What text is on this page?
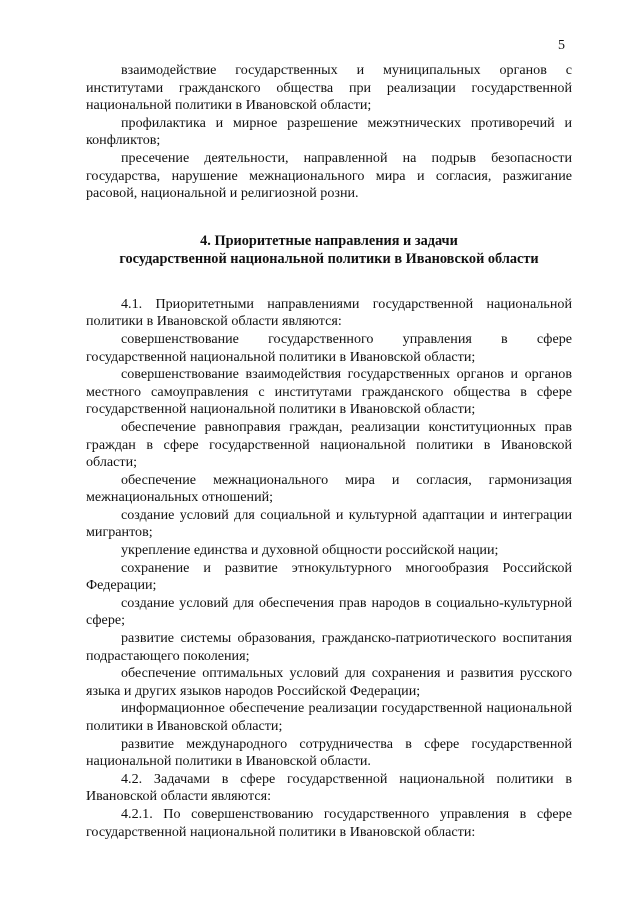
5

взаимодействие государственных и муниципальных органов с институтами гражданского общества при реализации государственной национальной политики в Ивановской области;

профилактика и мирное разрешение межэтнических противоречий и конфликтов;

пресечение деятельности, направленной на подрыв безопасности государства, нарушение межнационального мира и согласия, разжигание расовой, национальной и религиозной розни.

4. Приоритетные направления и задачи
государственной национальной политики в Ивановской области

4.1. Приоритетными направлениями государственной национальной политики в Ивановской области являются:

совершенствование государственного управления в сфере государственной национальной политики в Ивановской области;

совершенствование взаимодействия государственных органов и органов местного самоуправления с институтами гражданского общества в сфере государственной национальной политики в Ивановской области;

обеспечение равноправия граждан, реализации конституционных прав граждан в сфере государственной национальной политики в Ивановской области;

обеспечение межнационального мира и согласия, гармонизация межнациональных отношений;

создание условий для социальной и культурной адаптации и интеграции мигрантов;

укрепление единства и духовной общности российской нации;

сохранение и развитие этнокультурного многообразия Российской Федерации;

создание условий для обеспечения прав народов в социально-культурной сфере;

развитие системы образования, гражданско-патриотического воспитания подрастающего поколения;

обеспечение оптимальных условий для сохранения и развития русского языка и других языков народов Российской Федерации;

информационное обеспечение реализации государственной национальной политики в Ивановской области;

развитие международного сотрудничества в сфере государственной национальной политики в Ивановской области.

4.2. Задачами в сфере государственной национальной политики в Ивановской области являются:

4.2.1. По совершенствованию государственного управления в сфере государственной национальной политики в Ивановской области:
